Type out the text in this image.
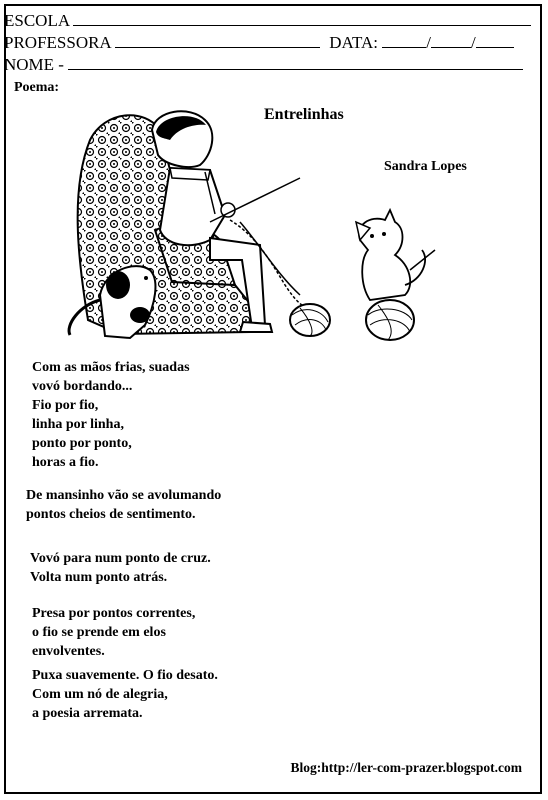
ESCOLA
PROFESSORA	DATA:	/ /
NOME -
Poema:
Entrelinhas
Sandra Lopes
Com as mãos frias, suadas
vovó bordando...
Fio por fio,
linha por linha,
ponto por ponto,
horas a fio.
De mansinho vão se avolumando
pontos cheios de sentimento.
Vovó para num ponto de cruz.
Volta num ponto atrás.
Presa por pontos correntes,
o fio se prende em elos
envolventes.
Puxa suavemente. O fio desato.
Com um nó de alegria,
a poesia arremata.
Blog:http://ler-com-prazer.blogspot.com
